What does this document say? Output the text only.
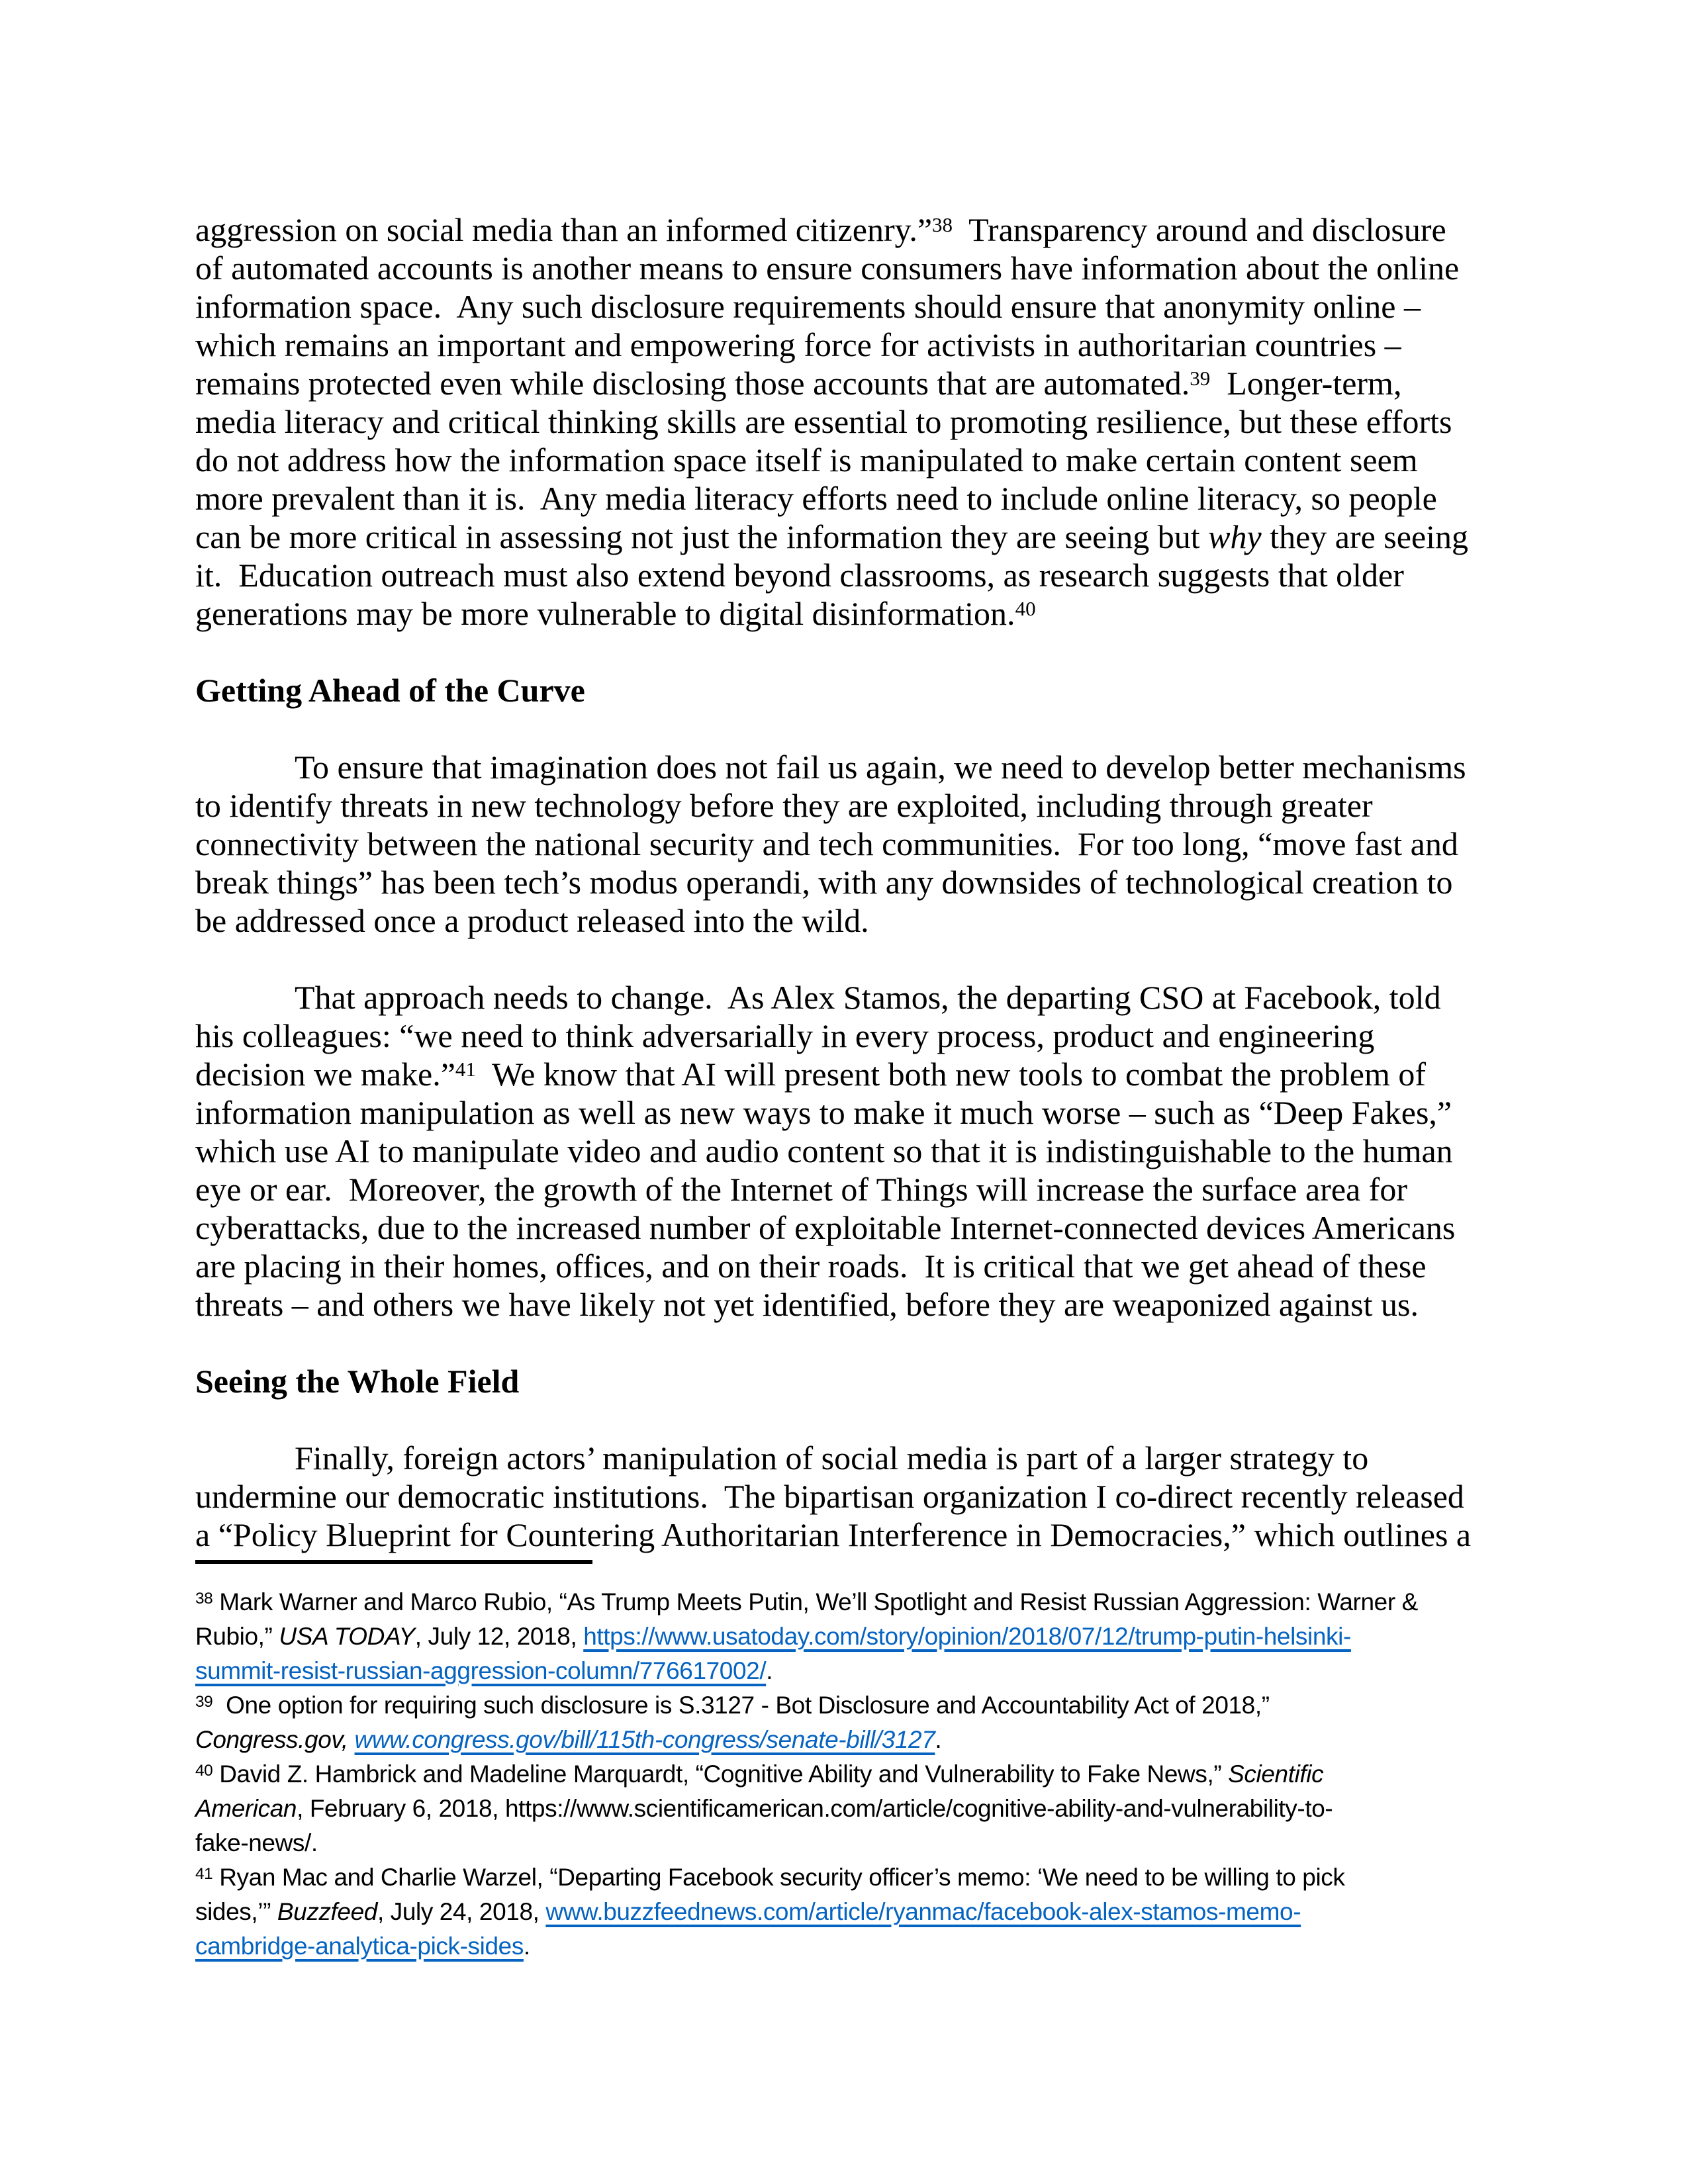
aggression on social media than an informed citizenry.”$^{38}$  Transparency around and disclosure
of automated accounts is another means to ensure consumers have information about the online
information space.  Any such disclosure requirements should ensure that anonymity online –
which remains an important and empowering force for activists in authoritarian countries –
remains protected even while disclosing those accounts that are automated.$^{39}$  Longer-term,
media literacy and critical thinking skills are essential to promoting resilience, but these efforts
do not address how the information space itself is manipulated to make certain content seem
more prevalent than it is.  Any media literacy efforts need to include online literacy, so people
can be more critical in assessing not just the information they are seeing but why they are seeing
it.  Education outreach must also extend beyond classrooms, as research suggests that older
generations may be more vulnerable to digital disinformation.$^{40}$
Getting Ahead of the Curve
To ensure that imagination does not fail us again, we need to develop better mechanisms
to identify threats in new technology before they are exploited, including through greater
connectivity between the national security and tech communities.  For too long, “move fast and
break things” has been tech’s modus operandi, with any downsides of technological creation to
be addressed once a product released into the wild.
That approach needs to change.  As Alex Stamos, the departing CSO at Facebook, told
his colleagues: “we need to think adversarially in every process, product and engineering
decision we make.”$^{41}$  We know that AI will present both new tools to combat the problem of
information manipulation as well as new ways to make it much worse – such as “Deep Fakes,”
which use AI to manipulate video and audio content so that it is indistinguishable to the human
eye or ear.  Moreover, the growth of the Internet of Things will increase the surface area for
cyberattacks, due to the increased number of exploitable Internet-connected devices Americans
are placing in their homes, offices, and on their roads.  It is critical that we get ahead of these
threats – and others we have likely not yet identified, before they are weaponized against us.
Seeing the Whole Field
Finally, foreign actors’ manipulation of social media is part of a larger strategy to
undermine our democratic institutions.  The bipartisan organization I co-direct recently released
a “Policy Blueprint for Countering Authoritarian Interference in Democracies,” which outlines a
$^{38}$ Mark Warner and Marco Rubio, “As Trump Meets Putin, We’ll Spotlight and Resist Russian Aggression: Warner &
Rubio,” USA TODAY, July 12, 2018, https://www.usatoday.com/story/opinion/2018/07/12/trump-putin-helsinki-
summit-resist-russian-aggression-column/776617002/.
$^{39}$  One option for requiring such disclosure is S.3127 - Bot Disclosure and Accountability Act of 2018,”
Congress.gov, www.congress.gov/bill/115th-congress/senate-bill/3127.
$^{40}$ David Z. Hambrick and Madeline Marquardt, “Cognitive Ability and Vulnerability to Fake News,” Scientific
American, February 6, 2018, https://www.scientificamerican.com/article/cognitive-ability-and-vulnerability-to-
fake-news/.
$^{41}$ Ryan Mac and Charlie Warzel, “Departing Facebook security officer’s memo: ‘We need to be willing to pick
sides,’” Buzzfeed, July 24, 2018, www.buzzfeednews.com/article/ryanmac/facebook-alex-stamos-memo-
cambridge-analytica-pick-sides.
